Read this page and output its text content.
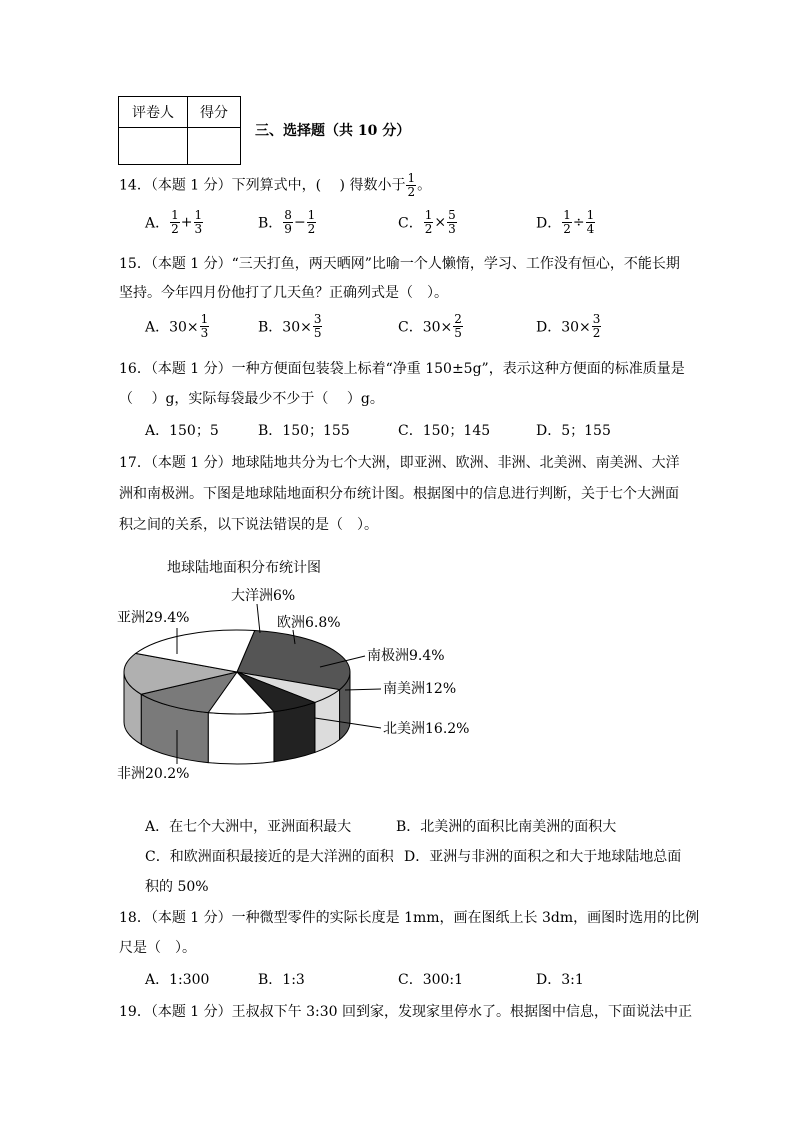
评卷人	得分

三、选择题（共 10 分）
14．（本题 1 分）下列算式中，(　 ) 得数小于 $\frac{1}{2}$ 。
A． $\frac{1}{2} + \frac{1}{3}$	B． $\frac{8}{9} - \frac{1}{2}$	C． $\frac{1}{2} \times \frac{5}{3}$	D． $\frac{1}{2} \div \frac{1}{4}$
15．（本题 1 分）“三天打鱼，两天晒网”比喻一个人懒惰，学习、工作没有恒心，不能长期
坚持。今年四月份他打了几天鱼？正确列式是（　）。
A．$30\times \frac{1}{3}$	B．$30\times \frac{3}{5}$	C．$30\times \frac{2}{5}$	D．$30\times \frac{3}{2}$
16．（本题 1 分）一种方便面包装袋上标着“净重 150±5g”，表示这种方便面的标准质量是
（　 ）g，实际每袋最少不少于（　 ）g。
A．150；5	B．150；155	C．150；145	D．5；155
17．（本题 1 分）地球陆地共分为七个大洲，即亚洲、欧洲、非洲、北美洲、南美洲、大洋
洲和南极洲。下图是地球陆地面积分布统计图。根据图中的信息进行判断，关于七个大洲面
积之间的关系，以下说法错误的是（　）。
地球陆地面积分布统计图
亚洲29.4%
大洋洲6%
欧洲6.8%
南极洲9.4%
南美洲12%
北美洲16.2%
非洲20.2%
A．在七个大洲中，亚洲面积最大	B．北美洲的面积比南美洲的面积大
C．和欧洲面积最接近的是大洋洲的面积 D．亚洲与非洲的面积之和大于地球陆地总面
积的 50%
18．（本题 1 分）一种微型零件的实际长度是 1mm，画在图纸上长 3dm，画图时选用的比例
尺是（　）。
A．1:300	B．1:3	C．300:1	D．3:1
19．（本题 1 分）王叔叔下午 3:30 回到家，发现家里停水了。根据图中信息，下面说法中正
